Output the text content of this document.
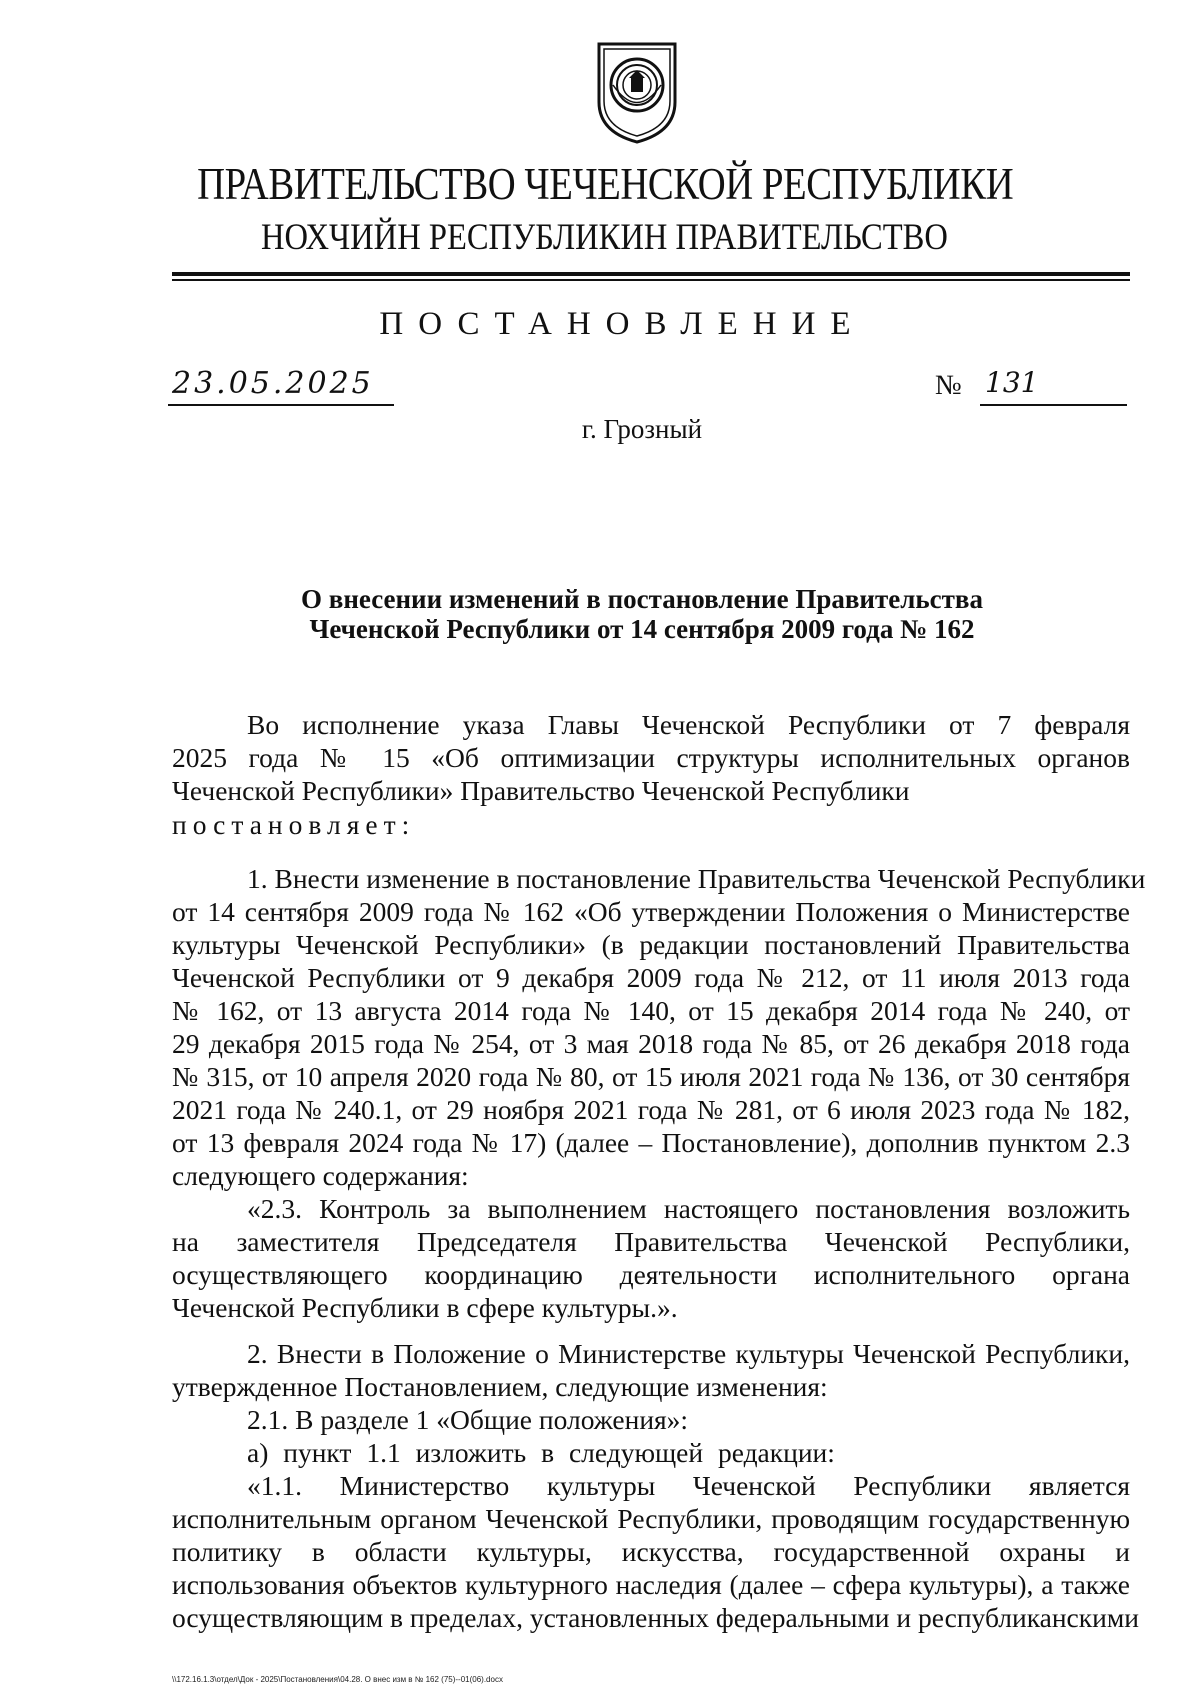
ПРАВИТЕЛЬСТВО ЧЕЧЕНСКОЙ РЕСПУБЛИКИ
НОХЧИЙН РЕСПУБЛИКИН ПРАВИТЕЛЬСТВО
ПОСТАНОВЛЕНИЕ
23.05.2025	№ 131
г. Грозный
О внесении изменений в постановление Правительства
Чеченской Республики от 14 сентября 2009 года № 162
Во исполнение указа Главы Чеченской Республики от 7 февраля
2025 года № 15 «Об оптимизации структуры исполнительных органов
Чеченской Республики» Правительство Чеченской Республики
постановляет:
1. Внести изменение в постановление Правительства Чеченской Республики
от 14 сентября 2009 года № 162 «Об утверждении Положения о Министерстве
культуры Чеченской Республики» (в редакции постановлений Правительства
Чеченской Республики от 9 декабря 2009 года № 212, от 11 июля 2013 года
№ 162, от 13 августа 2014 года № 140, от 15 декабря 2014 года № 240, от
29 декабря 2015 года № 254, от 3 мая 2018 года № 85, от 26 декабря 2018 года
№ 315, от 10 апреля 2020 года № 80, от 15 июля 2021 года № 136, от 30 сентября
2021 года № 240.1, от 29 ноября 2021 года № 281, от 6 июля 2023 года № 182,
от 13 февраля 2024 года № 17) (далее – Постановление), дополнив пунктом 2.3
следующего содержания:
«2.3. Контроль за выполнением настоящего постановления возложить
на заместителя Председателя Правительства Чеченской Республики,
осуществляющего координацию деятельности исполнительного органа
Чеченской Республики в сфере культуры.».
2. Внести в Положение о Министерстве культуры Чеченской Республики,
утвержденное Постановлением, следующие изменения:
2.1. В разделе 1 «Общие положения»:
а) пункт 1.1 изложить в следующей редакции:
«1.1. Министерство культуры Чеченской Республики является
исполнительным органом Чеченской Республики, проводящим государственную
политику в области культуры, искусства, государственной охраны и
использования объектов культурного наследия (далее – сфера культуры), а также
осуществляющим в пределах, установленных федеральными и республиканскими
\\172.16.1.3\отдел\Док - 2025\Постановления\04.28. О внес изм в № 162 (75)--01(06).docx
